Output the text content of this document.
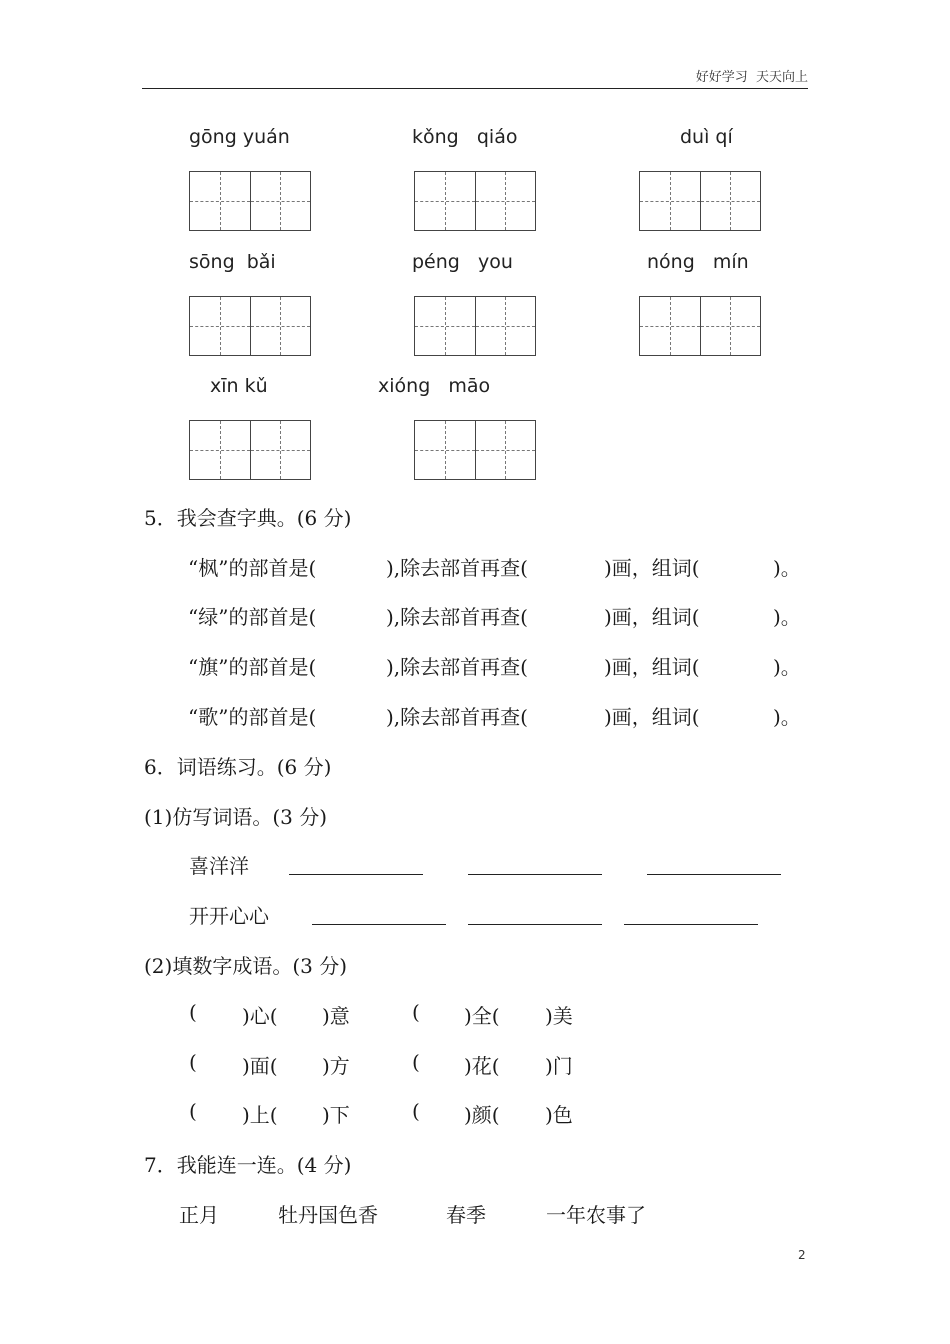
好好学习  天天向上
gōng yuán	kǒng   qiáo	duì qí
sōng  bǎi	péng   you	nóng   mín
xīn kǔ	xióng   māo
5．我会查字典。(6 分)
“枫”的部首是(	),除去部首再查(	)画，组词(	)。
“绿”的部首是(	),除去部首再查(	)画，组词(	)。
“旗”的部首是(	),除去部首再查(	)画，组词(	)。
“歌”的部首是(	),除去部首再查(	)画，组词(	)。
6．词语练习。(6 分)
(1)仿写词语。(3 分)
喜洋洋
开开心心
(2)填数字成语。(3 分)
( )心( )意	( )全( )美
( )面( )方	( )花( )门
( )上( )下	( )颜( )色
7．我能连一连。(4 分)
正月	牡丹国色香	春季	一年农事了
2
